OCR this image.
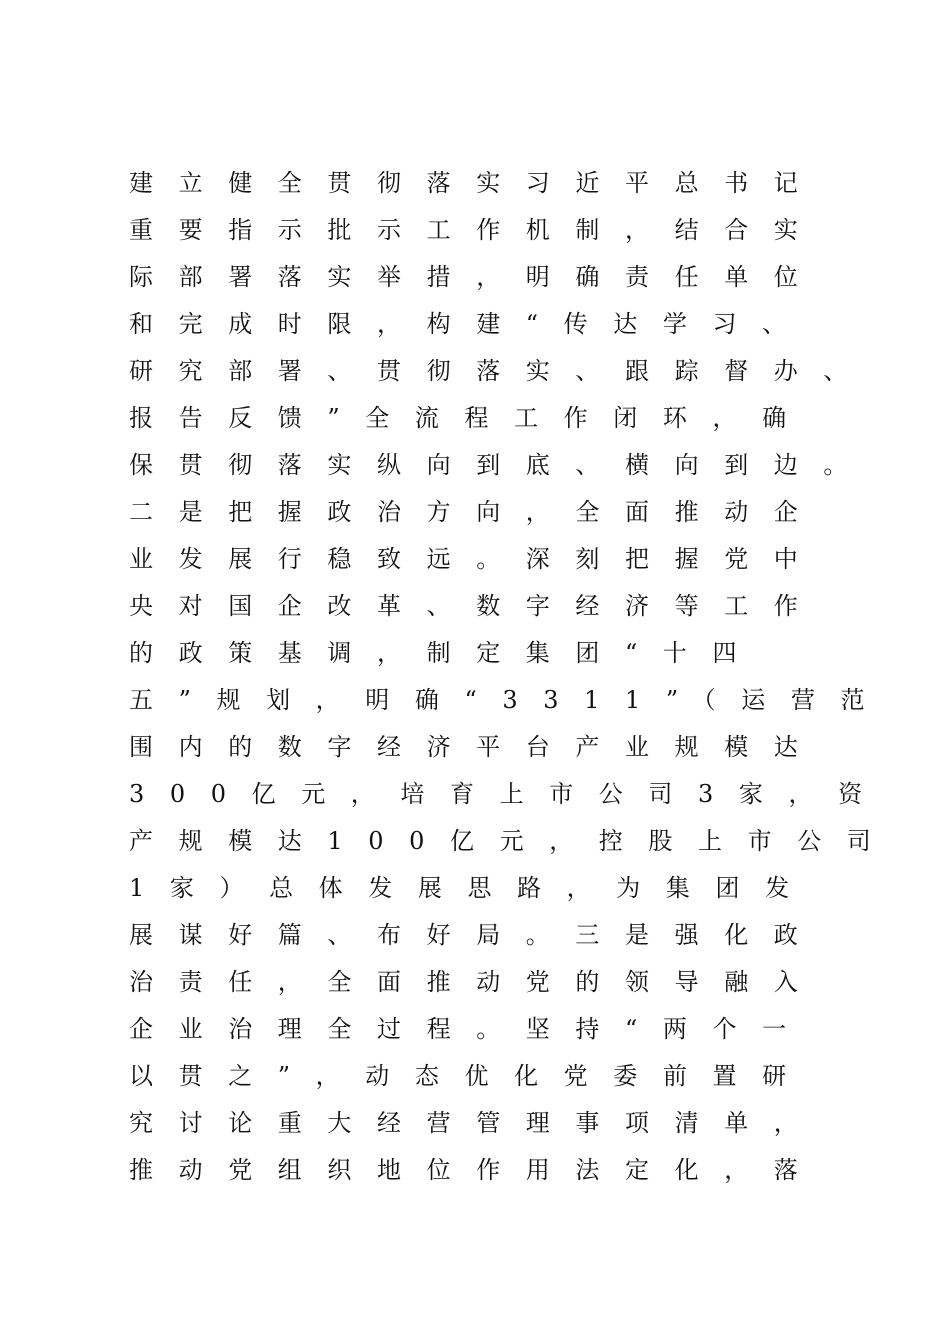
建立健全贯彻落实习近平总书记
重要指示批示工作机制，结合实
际部署落实举措，明确责任单位
和完成时限，构建“传达学习、
研究部署、贯彻落实、跟踪督办、
报告反馈”全流程工作闭环，确
保贯彻落实纵向到底、横向到边。
二是把握政治方向，全面推动企
业发展行稳致远。深刻把握党中
央对国企改革、数字经济等工作
的政策基调，制定集团“十四
五”规划，明确“3311”（运营范
围内的数字经济平台产业规模达
300亿元，培育上市公司3家，资
产规模达100亿元，控股上市公司
1家）总体发展思路，为集团发
展谋好篇、布好局。三是强化政
治责任，全面推动党的领导融入
企业治理全过程。坚持“两个一
以贯之”，动态优化党委前置研
究讨论重大经营管理事项清单，
推动党组织地位作用法定化，落
